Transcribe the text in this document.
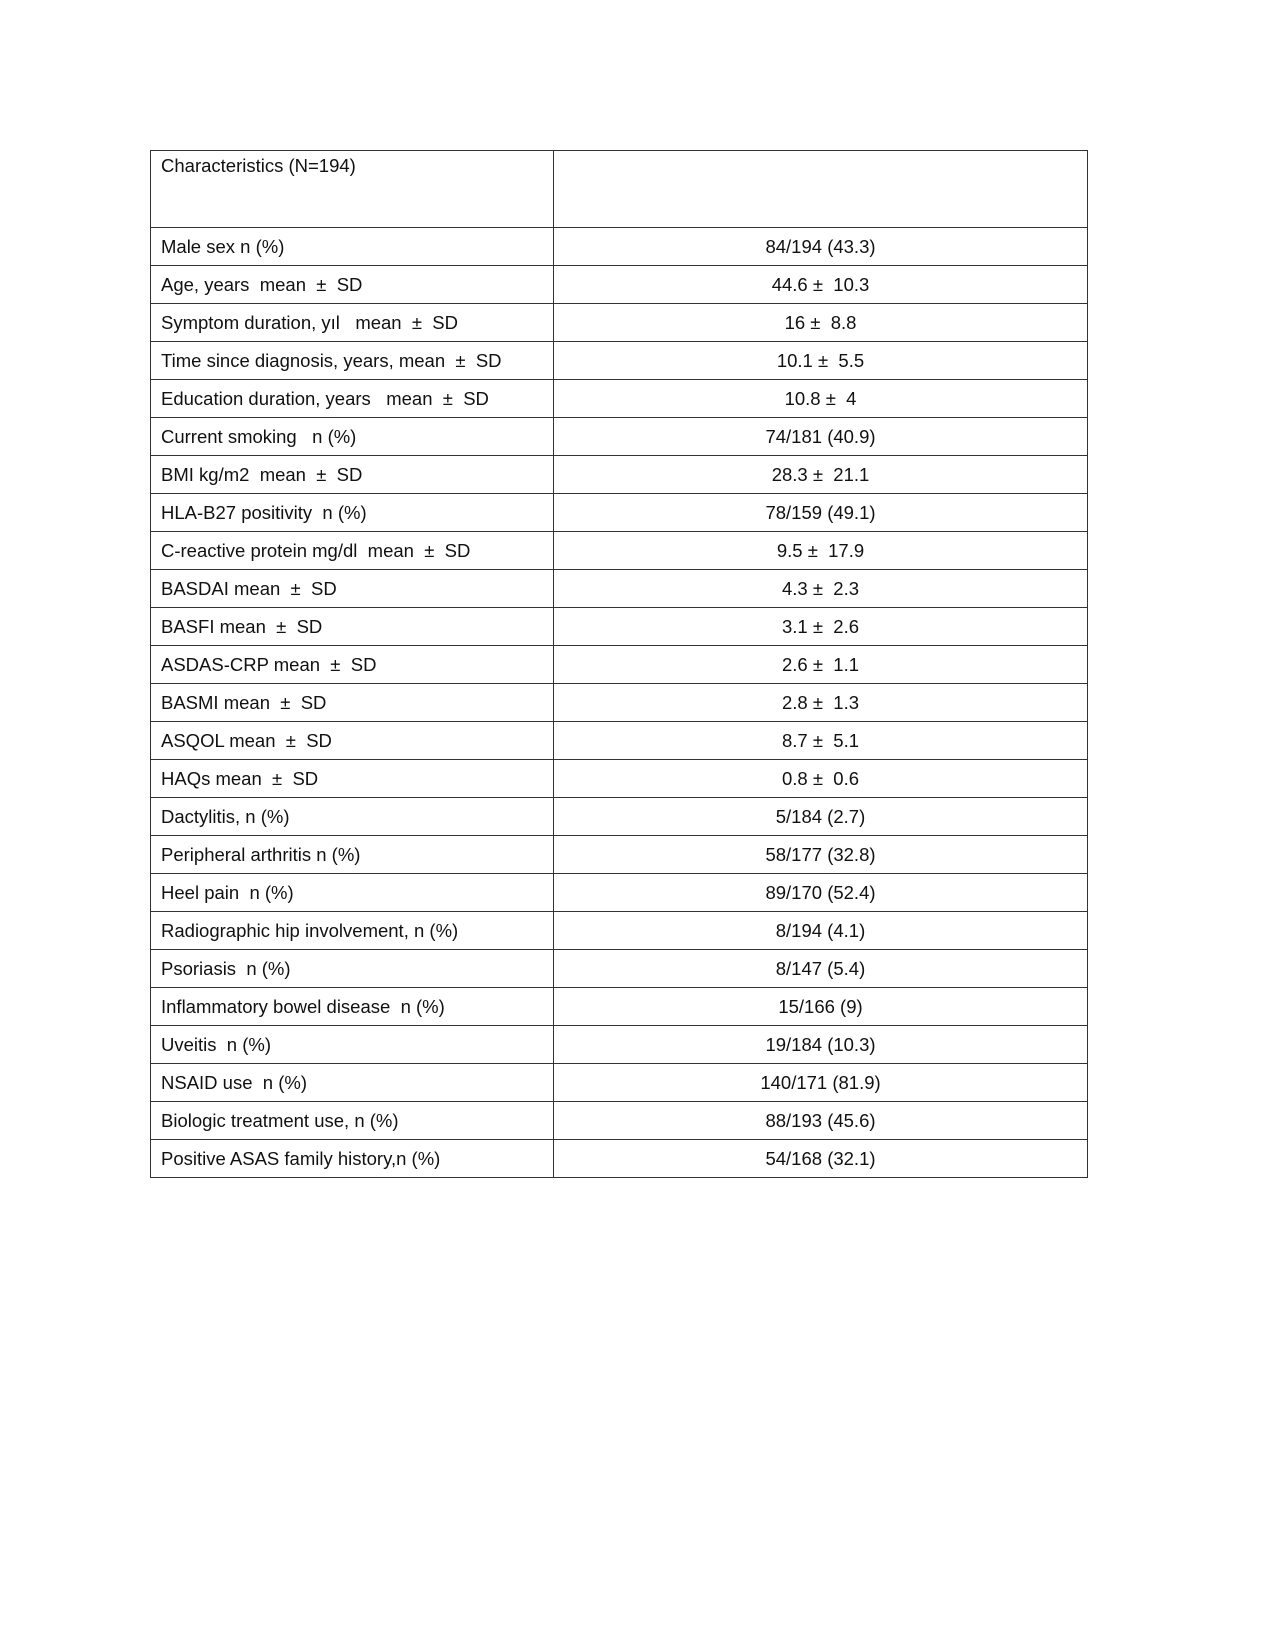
Characteristics (N=194)	
Male sex n (%)	84/194 (43.3)
Age, years  mean  ±  SD	44.6 ±  10.3
Symptom duration, yıl   mean  ±  SD	16 ±  8.8
Time since diagnosis, years, mean  ±  SD	10.1 ±  5.5
Education duration, years   mean  ±  SD	10.8 ±  4
Current smoking   n (%)	74/181 (40.9)
BMI kg/m2  mean  ±  SD	28.3 ±  21.1
HLA-B27 positivity  n (%)	78/159 (49.1)
C-reactive protein mg/dl  mean  ±  SD	9.5 ±  17.9
BASDAI mean  ±  SD	4.3 ±  2.3
BASFI mean  ±  SD	3.1 ±  2.6
ASDAS-CRP mean  ±  SD	2.6 ±  1.1
BASMI mean  ±  SD	2.8 ±  1.3
ASQOL mean  ±  SD	8.7 ±  5.1
HAQs mean  ±  SD	0.8 ±  0.6
Dactylitis, n (%)	5/184 (2.7)
Peripheral arthritis n (%)	58/177 (32.8)
Heel pain  n (%)	89/170 (52.4)
Radiographic hip involvement, n (%)	8/194 (4.1)
Psoriasis  n (%)	8/147 (5.4)
Inflammatory bowel disease  n (%)	15/166 (9)
Uveitis  n (%)	19/184 (10.3)
NSAID use  n (%)	140/171 (81.9)
Biologic treatment use, n (%)	88/193 (45.6)
Positive ASAS family history,n (%)	54/168 (32.1)
